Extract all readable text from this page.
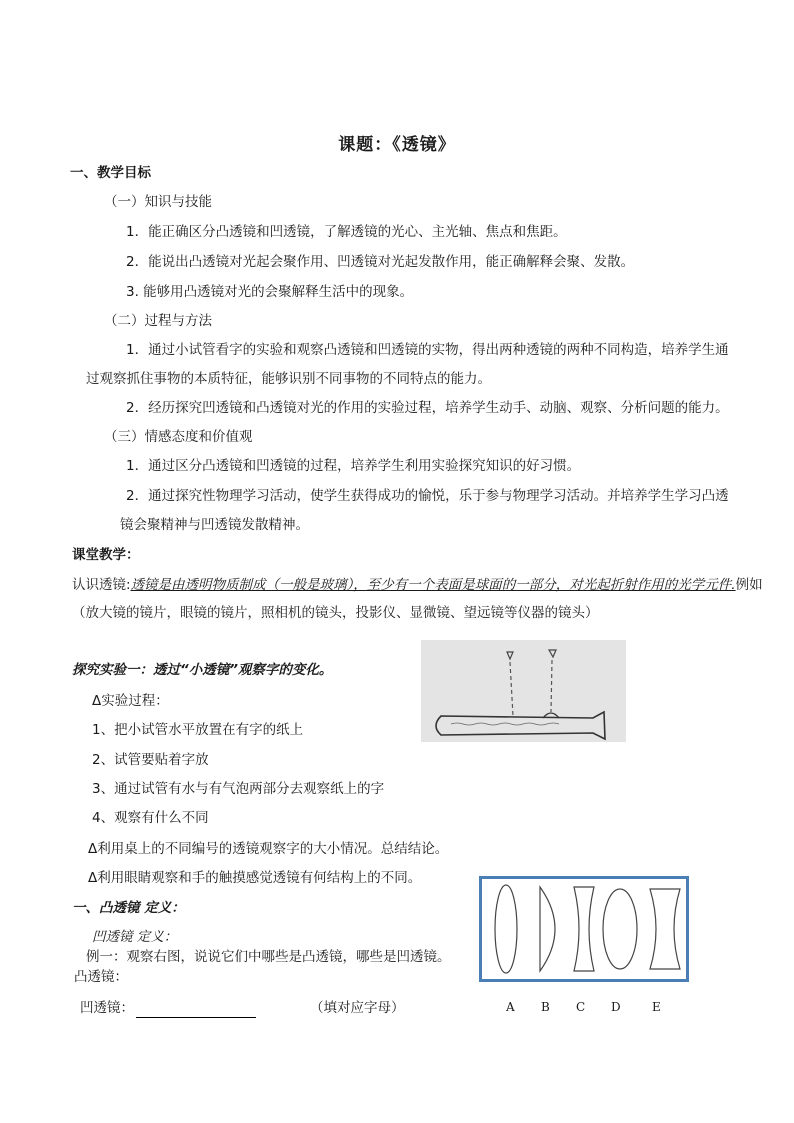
课题：《透镜》
一、教学目标
（一）知识与技能
1．能正确区分凸透镜和凹透镜，了解透镜的光心、主光轴、焦点和焦距。
2．能说出凸透镜对光起会聚作用、凹透镜对光起发散作用，能正确解释会聚、发散。
3. 能够用凸透镜对光的会聚解释生活中的现象。
（二）过程与方法
1．通过小试管看字的实验和观察凸透镜和凹透镜的实物，得出两种透镜的两种不同构造，培养学生通
过观察抓住事物的本质特征，能够识别不同事物的不同特点的能力。
2．经历探究凹透镜和凸透镜对光的作用的实验过程，培养学生动手、动脑、观察、分析问题的能力。
（三）情感态度和价值观
1．通过区分凸透镜和凹透镜的过程，培养学生利用实验探究知识的好习惯。
2．通过探究性物理学习活动，使学生获得成功的愉悦，乐于参与物理学习活动。并培养学生学习凸透
镜会聚精神与凹透镜发散精神。
课堂教学：
认识透镜:透镜是由透明物质制成（一般是玻璃），至少有一个表面是球面的一部分，对光起折射作用的光学元件.例如
（放大镜的镜片，眼镜的镜片，照相机的镜头，投影仪、显微镜、望远镜等仪器的镜头）
探究实验一：透过“小透镜”观察字的变化。
Δ实验过程：
1、把小试管水平放置在有字的纸上
2、试管要贴着字放
3、通过试管有水与有气泡两部分去观察纸上的字
4、观察有什么不同
Δ利用桌上的不同编号的透镜观察字的大小情况。总结结论。
Δ利用眼睛观察和手的触摸感觉透镜有何结构上的不同。
一、凸透镜 定义：
凹透镜 定义：
例一：观察右图，说说它们中哪些是凸透镜，哪些是凹透镜。
凸透镜：
凹透镜：	（填对应字母）	A B C D	E
